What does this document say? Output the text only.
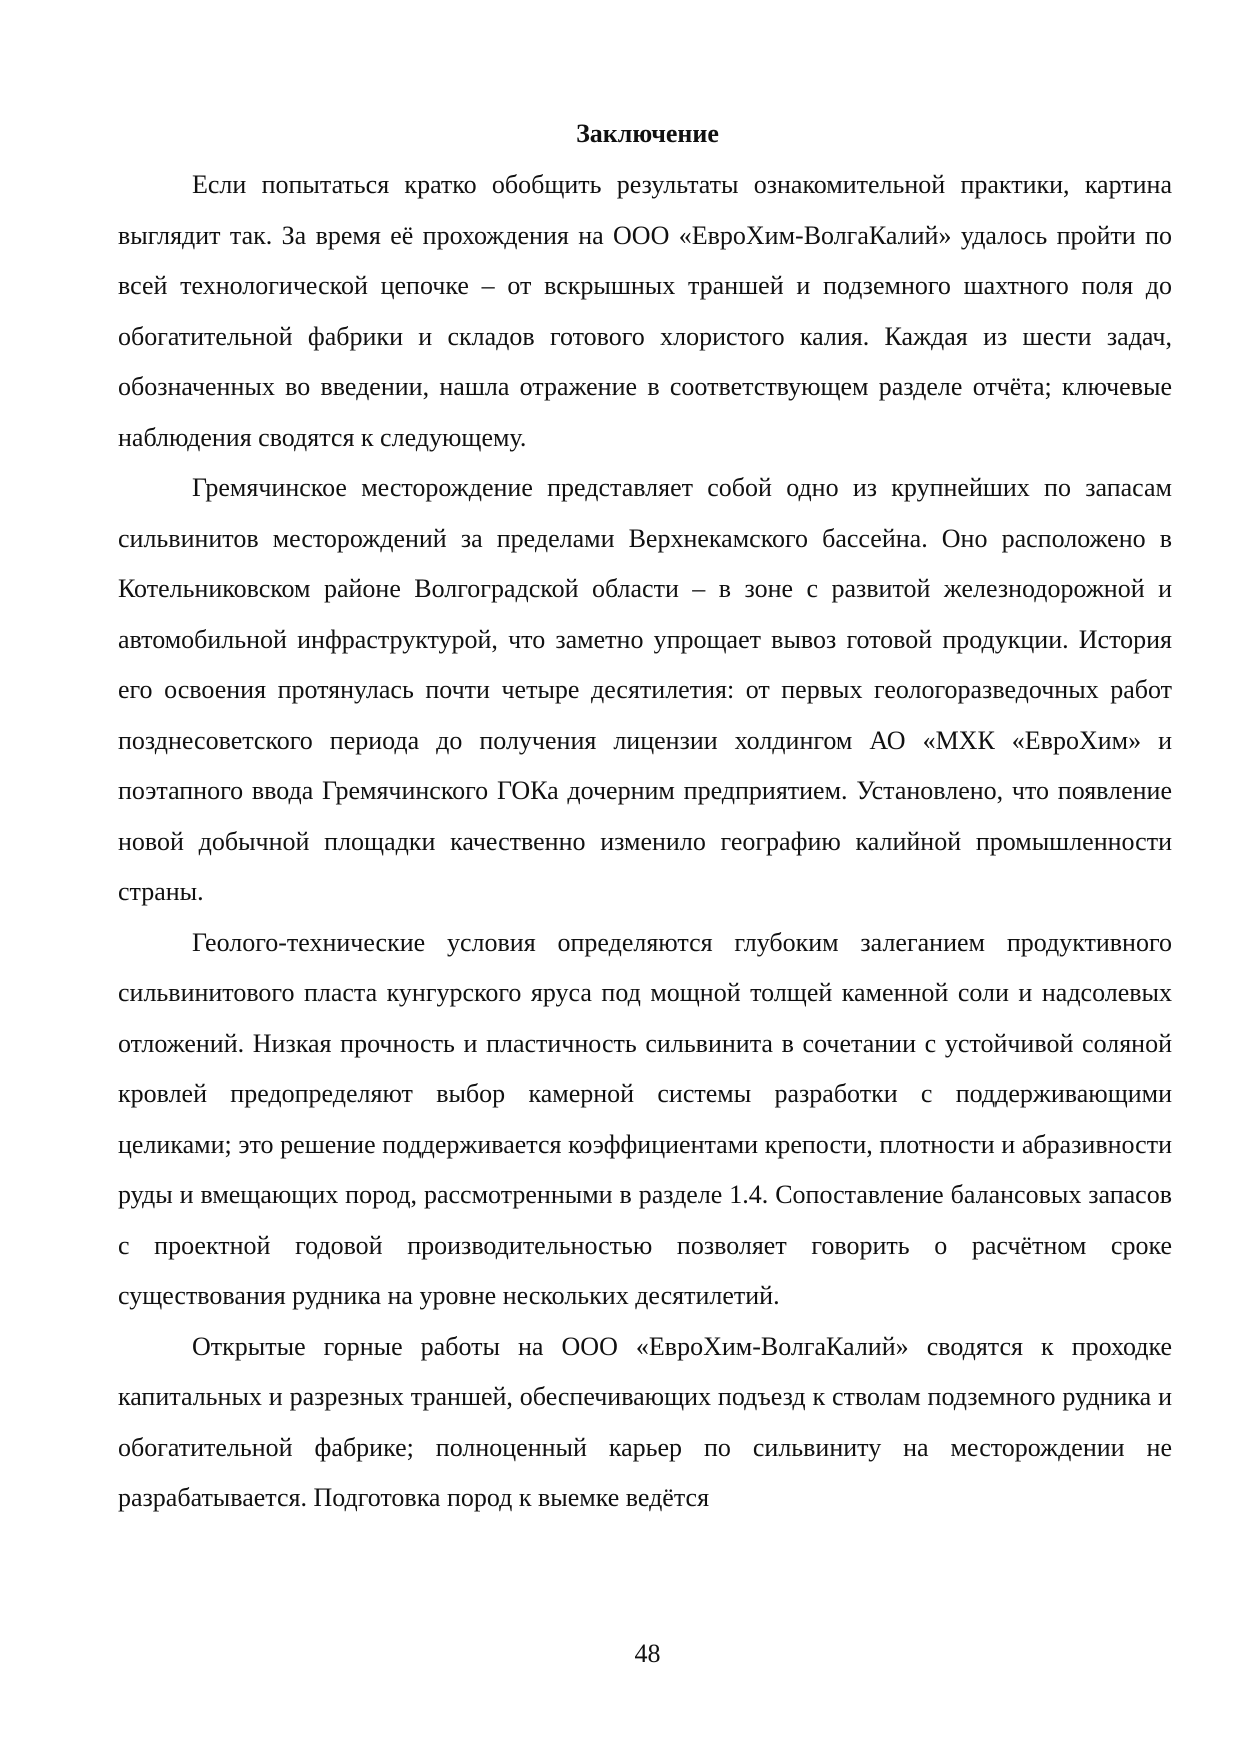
Заключение

Если попытаться кратко обобщить результаты ознакомительной практики, картина выглядит так. За время её прохождения на ООО «ЕвроХим-ВолгаКалий» удалось пройти по всей технологической цепочке – от вскрышных траншей и подземного шахтного поля до обогатительной фабрики и складов готового хлористого калия. Каждая из шести задач, обозначенных во введении, нашла отражение в соответствующем разделе отчёта; ключевые наблюдения сводятся к следующему.

Гремячинское месторождение представляет собой одно из крупнейших по запасам сильвинитов месторождений за пределами Верхнекамского бассейна. Оно расположено в Котельниковском районе Волгоградской области – в зоне с развитой железнодорожной и автомобильной инфраструктурой, что заметно упрощает вывоз готовой продукции. История его освоения протянулась почти четыре десятилетия: от первых геологоразведочных работ позднесоветского периода до получения лицензии холдингом АО «МХК «ЕвроХим» и поэтапного ввода Гремячинского ГОКа дочерним предприятием. Установлено, что появление новой добычной площадки качественно изменило географию калийной промышленности страны.

Геолого-технические условия определяются глубоким залеганием продуктивного сильвинитового пласта кунгурского яруса под мощной толщей каменной соли и надсолевых отложений. Низкая прочность и пластичность сильвинита в сочетании с устойчивой соляной кровлей предопределяют выбор камерной системы разработки с поддерживающими целиками; это решение поддерживается коэффициентами крепости, плотности и абразивности руды и вмещающих пород, рассмотренными в разделе 1.4. Сопоставление балансовых запасов с проектной годовой производительностью позволяет говорить о расчётном сроке существования рудника на уровне нескольких десятилетий.

Открытые горные работы на ООО «ЕвроХим-ВолгаКалий» сводятся к проходке капитальных и разрезных траншей, обеспечивающих подъезд к стволам подземного рудника и обогатительной фабрике; полноценный карьер по сильвиниту на месторождении не разрабатывается. Подготовка пород к выемке ведётся

48
